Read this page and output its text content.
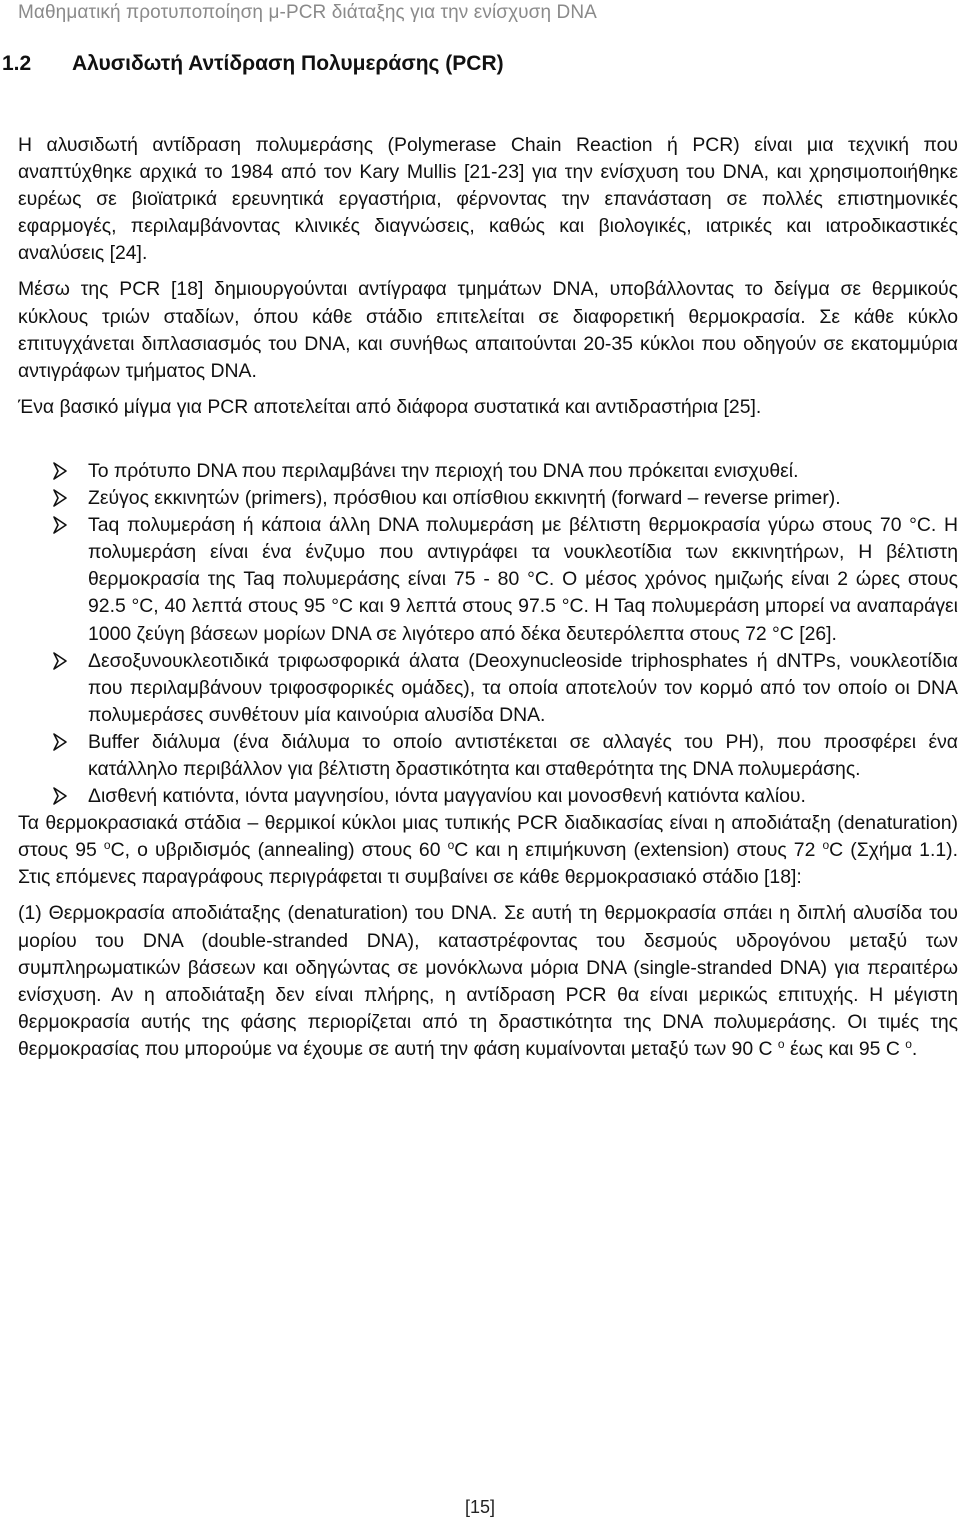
Μαθηματική προτυποποίηση μ-PCR διάταξης για την ενίσχυση DNA
1.2 Αλυσιδωτή Αντίδραση Πολυμεράσης (PCR)

Η αλυσιδωτή αντίδραση πολυμεράσης (Polymerase Chain Reaction ή PCR) είναι μια τεχνική που αναπτύχθηκε αρχικά το 1984 από τον Kary Mullis [21-23] για την ενίσχυση του DNA, και χρησιμοποιήθηκε ευρέως σε βιοϊατρικά ερευνητικά εργαστήρια, φέρνοντας την επανάσταση σε πολλές επιστημονικές εφαρμογές, περιλαμβάνοντας κλινικές διαγνώσεις, καθώς και βιολογικές, ιατρικές και ιατροδικαστικές αναλύσεις [24].

Μέσω της PCR [18] δημιουργούνται αντίγραφα τμημάτων DNA, υποβάλλοντας το δείγμα σε θερμικούς κύκλους τριών σταδίων, όπου κάθε στάδιο επιτελείται σε διαφορετική θερμοκρασία. Σε κάθε κύκλο επιτυγχάνεται διπλασιασμός του DNA, και συνήθως απαιτούνται 20-35 κύκλοι που οδηγούν σε εκατομμύρια αντιγράφων τμήματος DNA.

Ένα βασικό μίγμα για PCR αποτελείται από διάφορα συστατικά και αντιδραστήρια [25].

Το πρότυπο DNA που περιλαμβάνει την περιοχή του DNA που πρόκειται ενισχυθεί.
Ζεύγος εκκινητών (primers), πρόσθιου και οπίσθιου εκκινητή (forward – reverse primer).
Taq πολυμεράση ή κάποια άλλη DNA πολυμεράση με βέλτιστη θερμοκρασία γύρω στους 70 °C. Η πολυμεράση είναι ένα ένζυμο που αντιγράφει τα νουκλεοτίδια των εκκινητήρων, Η βέλτιστη θερμοκρασία της Taq πολυμεράσης είναι 75 - 80 °C. Ο μέσος χρόνος ημιζωής είναι 2 ώρες στους 92.5 °C, 40 λεπτά στους 95 °C και 9 λεπτά στους 97.5 °C. H Taq πολυμεράση μπορεί να αναπαράγει 1000 ζεύγη βάσεων μορίων DNA σε λιγότερο από δέκα δευτερόλεπτα στους 72 °C [26].
Δεσοξυνουκλεοτιδικά τριφωσφορικά άλατα (Deoxynucleoside triphosphates ή dNTPs, νουκλεοτίδια που περιλαμβάνουν τριφοσφορικές ομάδες), τα οποία αποτελούν τον κορμό από τον οποίο οι DNA πολυμεράσες συνθέτουν μία καινούρια αλυσίδα DNA.
Buffer διάλυμα (ένα διάλυμα το οποίο αντιστέκεται σε αλλαγές του PH), που προσφέρει ένα κατάλληλο περιβάλλον για βέλτιστη δραστικότητα και σταθερότητα της DNA πολυμεράσης.
Δισθενή κατιόντα, ιόντα μαγνησίου, ιόντα μαγγανίου και μονοσθενή κατιόντα καλίου.

Τα θερμοκρασιακά στάδια – θερμικοί κύκλοι μιας τυπικής PCR διαδικασίας είναι η αποδιάταξη (denaturation) στους 95 $^o$C, ο υβριδισμός (annealing) στους 60 $^o$C και η επιμήκυνση (extension) στους 72 $^o$C (Σχήμα 1.1). Στις επόμενες παραγράφους περιγράφεται τι συμβαίνει σε κάθε θερμοκρασιακό στάδιο [18]:

(1) Θερμοκρασία αποδιάταξης (denaturation) του DNA. Σε αυτή τη θερμοκρασία σπάει η διπλή αλυσίδα του μορίου του DNA (double-stranded DNA), καταστρέφοντας του δεσμούς υδρογόνου μεταξύ των συμπληρωματικών βάσεων και οδηγώντας σε μονόκλωνα μόρια DNA (single-stranded DNA) για περαιτέρω ενίσχυση. Αν η αποδιάταξη δεν είναι πλήρης, η αντίδραση PCR θα είναι μερικώς επιτυχής. Η μέγιστη θερμοκρασία αυτής της φάσης περιορίζεται από τη δραστικότητα της DNA πολυμεράσης. Οι τιμές της θερμοκρασίας που μπορούμε να έχουμε σε αυτή την φάση κυμαίνονται μεταξύ των 90 C $^o$ έως και 95 C $^o$.

[15]
